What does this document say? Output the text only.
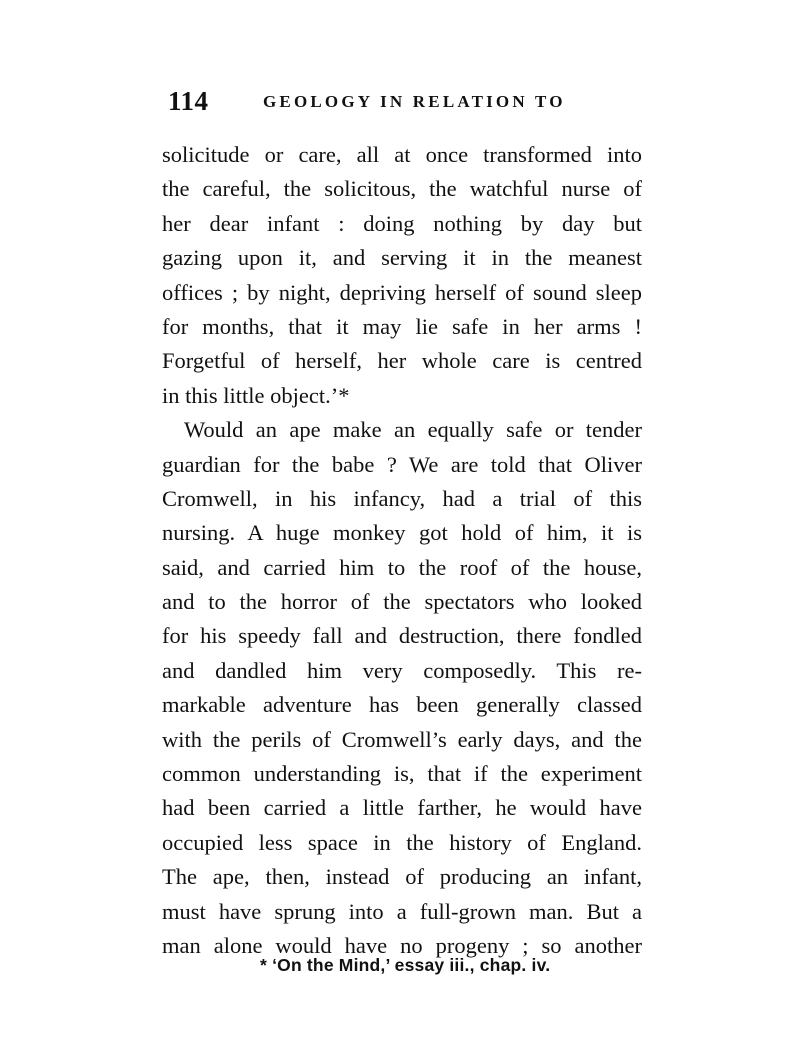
114	GEOLOGY IN RELATION TO
solicitude or care, all at once transformed into
the careful, the solicitous, the watchful nurse of
her dear infant : doing nothing by day but
gazing upon it, and serving it in the meanest
offices ; by night, depriving herself of sound sleep
for months, that it may lie safe in her arms !
Forgetful of herself, her whole care is centred
in this little object.’*
Would an ape make an equally safe or tender
guardian for the babe ? We are told that Oliver
Cromwell, in his infancy, had a trial of this
nursing. A huge monkey got hold of him, it is
said, and carried him to the roof of the house,
and to the horror of the spectators who looked
for his speedy fall and destruction, there fondled
and dandled him very composedly. This re-
markable adventure has been generally classed
with the perils of Cromwell’s early days, and the
common understanding is, that if the experiment
had been carried a little farther, he would have
occupied less space in the history of England.
The ape, then, instead of producing an infant,
must have sprung into a full-grown man. But a
man alone would have no progeny ; so another
* ‘On the Mind,’ essay iii., chap. iv.
